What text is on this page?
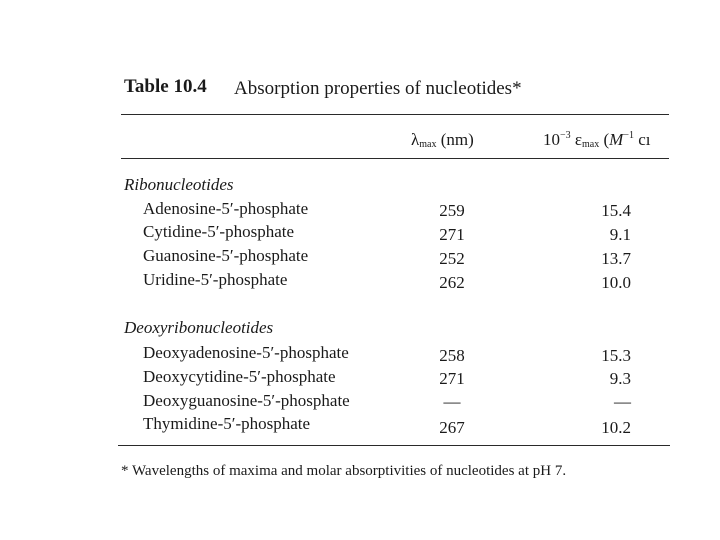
Table 10.4 Absorption properties of nucleotides*
$\lambda_{max}$ (nm)	$10^{-3}$ $\varepsilon_{max}$ ($M^{-1}$ cı
Ribonucleotides
Adenosine-5′-phosphate	259	15.4
Cytidine-5′-phosphate	271	9.1
Guanosine-5′-phosphate	252	13.7
Uridine-5′-phosphate	262	10.0
Deoxyribonucleotides
Deoxyadenosine-5′-phosphate	258	15.3
Deoxycytidine-5′-phosphate	271	9.3
Deoxyguanosine-5′-phosphate	—	—
Thymidine-5′-phosphate	267	10.2
* Wavelengths of maxima and molar absorptivities of nucleotides at pH 7.
